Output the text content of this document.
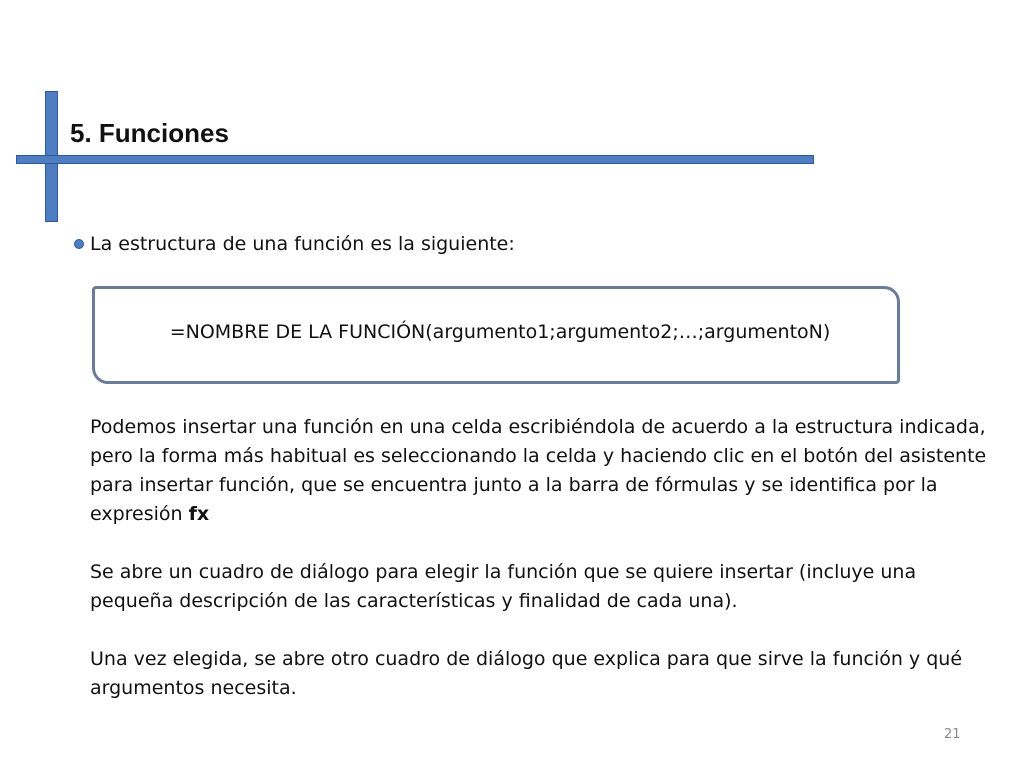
5. Funciones
La estructura de una función es la siguiente:
=NOMBRE DE LA FUNCIÓN(argumento1;argumento2;…;argumentoN)

Podemos insertar una función en una celda escribiéndola de acuerdo a la estructura indicada, pero la forma más habitual es seleccionando la celda y haciendo clic en el botón del asistente para insertar función, que se encuentra junto a la barra de fórmulas y se identifica por la expresión fx

Se abre un cuadro de diálogo para elegir la función que se quiere insertar (incluye una pequeña descripción de las características y finalidad de cada una).

Una vez elegida, se abre otro cuadro de diálogo que explica para que sirve la función y qué argumentos necesita.

21
